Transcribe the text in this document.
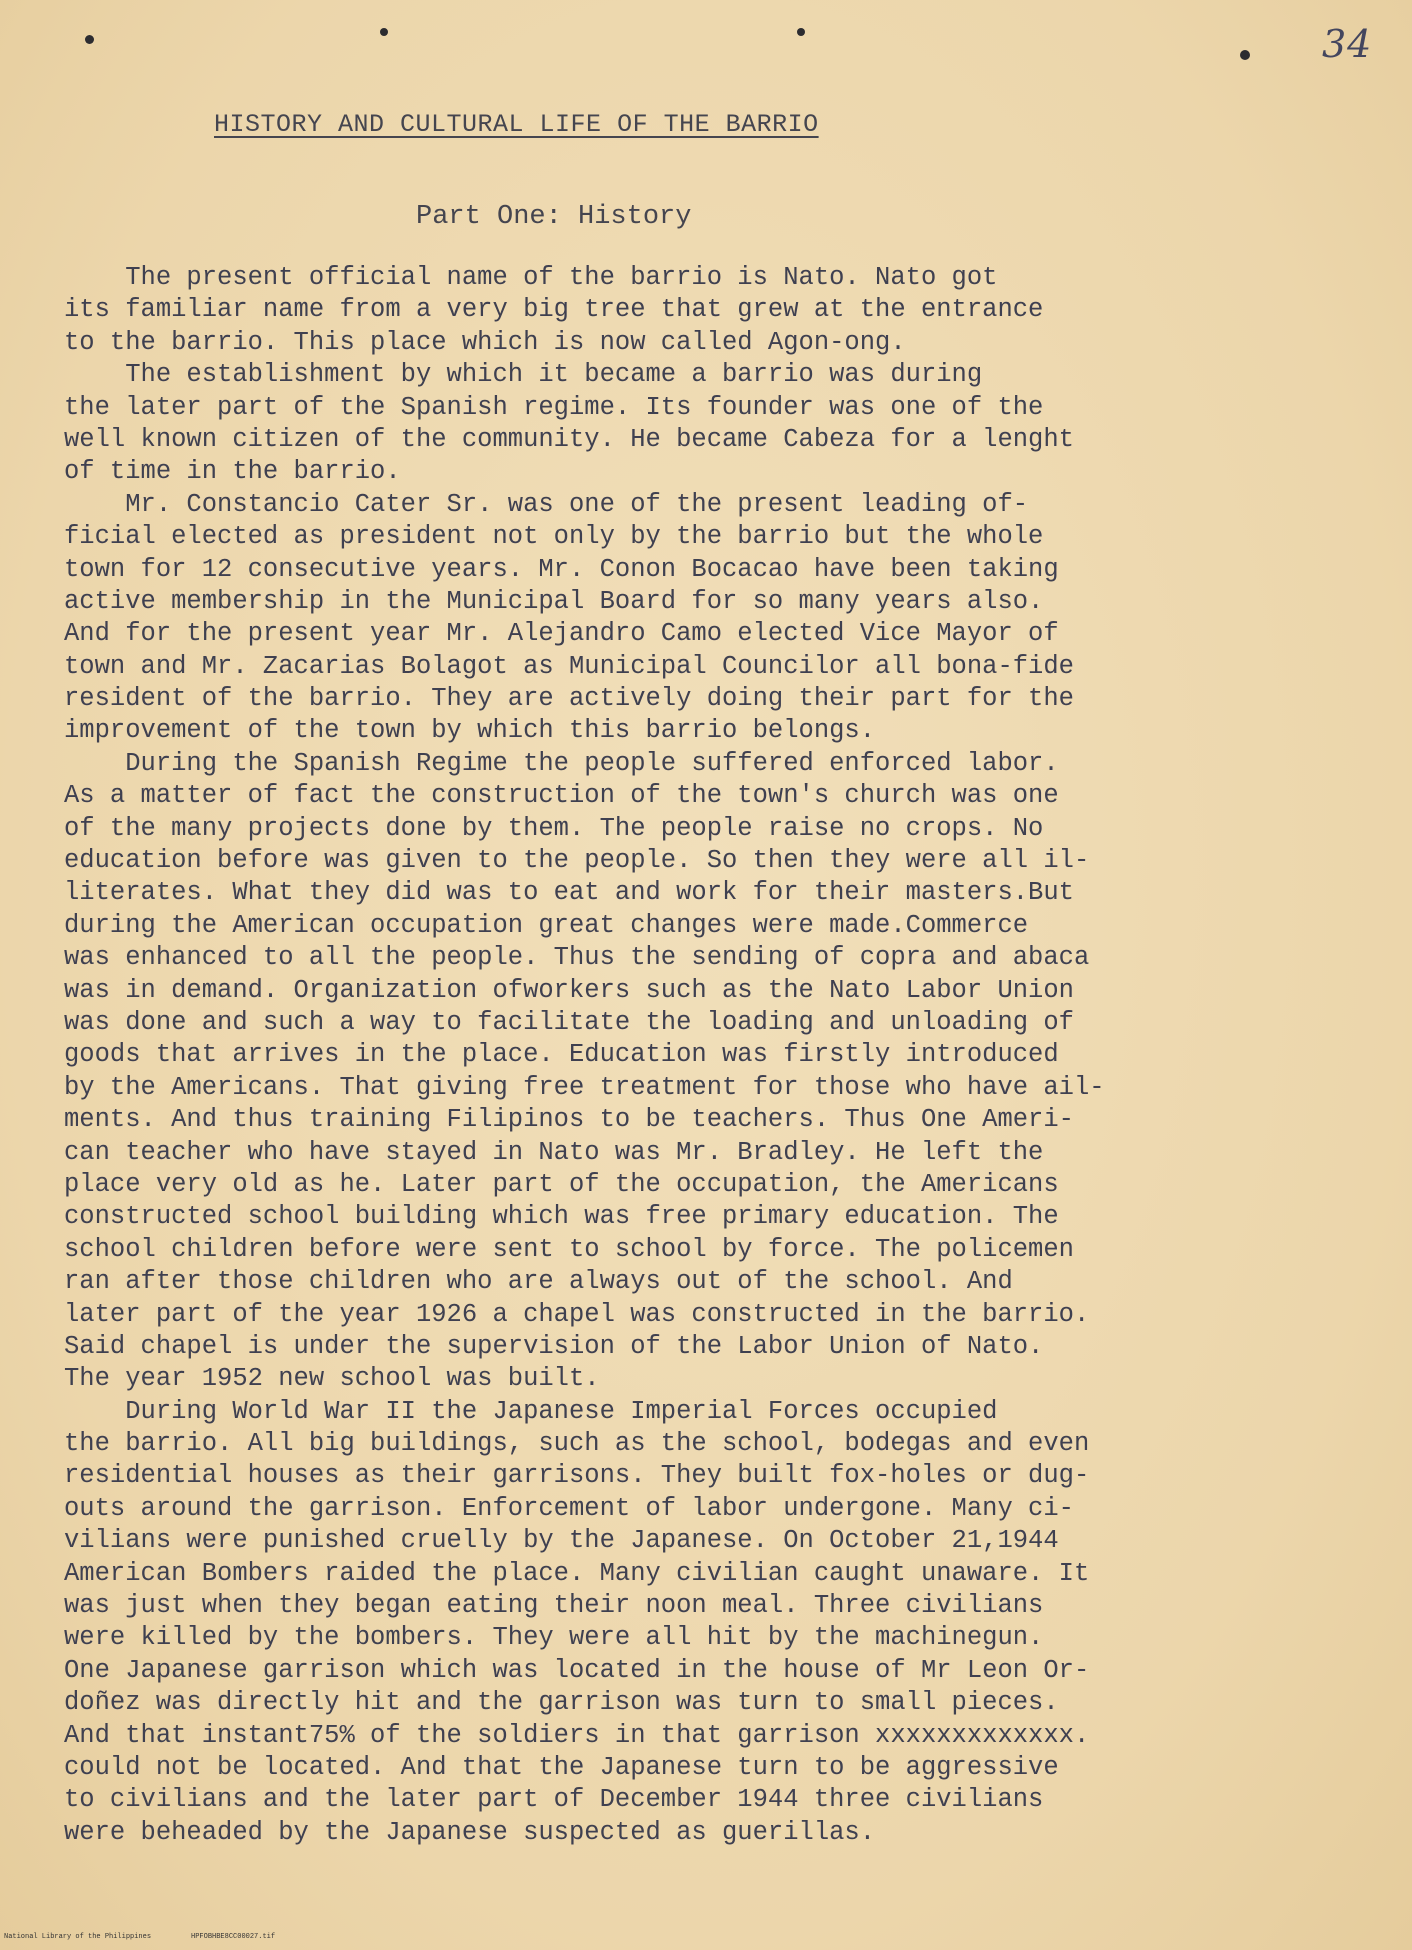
34
HISTORY AND CULTURAL LIFE OF THE BARRIO
Part One: History
The present official name of the barrio is Nato. Nato got
its familiar name from a very big tree that grew at the entrance
to the barrio. This place which is now called Agon-ong.
The establishment by which it became a barrio was during
the later part of the Spanish regime. Its founder was one of the
well known citizen of the community. He became Cabeza for a lenght
of time in the barrio.
Mr. Constancio Cater Sr. was one of the present leading of-
ficial elected as president not only by the barrio but the whole
town for 12 consecutive years. Mr. Conon Bocacao have been taking
active membership in the Municipal Board for so many years also.
And for the present year Mr. Alejandro Camo elected Vice Mayor of
town and Mr. Zacarias Bolagot as Municipal Councilor all bona-fide
resident of the barrio. They are actively doing their part for the
improvement of the town by which this barrio belongs.
During the Spanish Regime the people suffered enforced labor.
As a matter of fact the construction of the town's church was one
of the many projects done by them. The people raise no crops. No
education before was given to the people. So then they were all il-
literates. What they did was to eat and work for their masters.But
during the American occupation great changes were made.Commerce
was enhanced to all the people. Thus the sending of copra and abaca
was in demand. Organization ofworkers such as the Nato Labor Union
was done and such a way to facilitate the loading and unloading of
goods that arrives in the place. Education was firstly introduced
by the Americans. That giving free treatment for those who have ail-
ments. And thus training Filipinos to be teachers. Thus One Ameri-
can teacher who have stayed in Nato was Mr. Bradley. He left the
place very old as he. Later part of the occupation, the Americans
constructed school building which was free primary education. The
school children before were sent to school by force. The policemen
ran after those children who are always out of the school. And
later part of the year 1926 a chapel was constructed in the barrio.
Said chapel is under the supervision of the Labor Union of Nato.
The year 1952 new school was built.
During World War II the Japanese Imperial Forces occupied
the barrio. All big buildings, such as the school, bodegas and even
residential houses as their garrisons. They built fox-holes or dug-
outs around the garrison. Enforcement of labor undergone. Many ci-
vilians were punished cruelly by the Japanese. On October 21,1944
American Bombers raided the place. Many civilian caught unaware. It
was just when they began eating their noon meal. Three civilians
were killed by the bombers. They were all hit by the machinegun.
One Japanese garrison which was located in the house of Mr Leon Or-
doñez was directly hit and the garrison was turn to small pieces.
And that instant75% of the soldiers in that garrison xxxxxxxxxxxxx.
could not be located. And that the Japanese turn to be aggressive
to civilians and the later part of December 1944 three civilians
were beheaded by the Japanese suspected as guerillas.
National Library of the Philippines	HPFOBHBE8CC00027.tif
